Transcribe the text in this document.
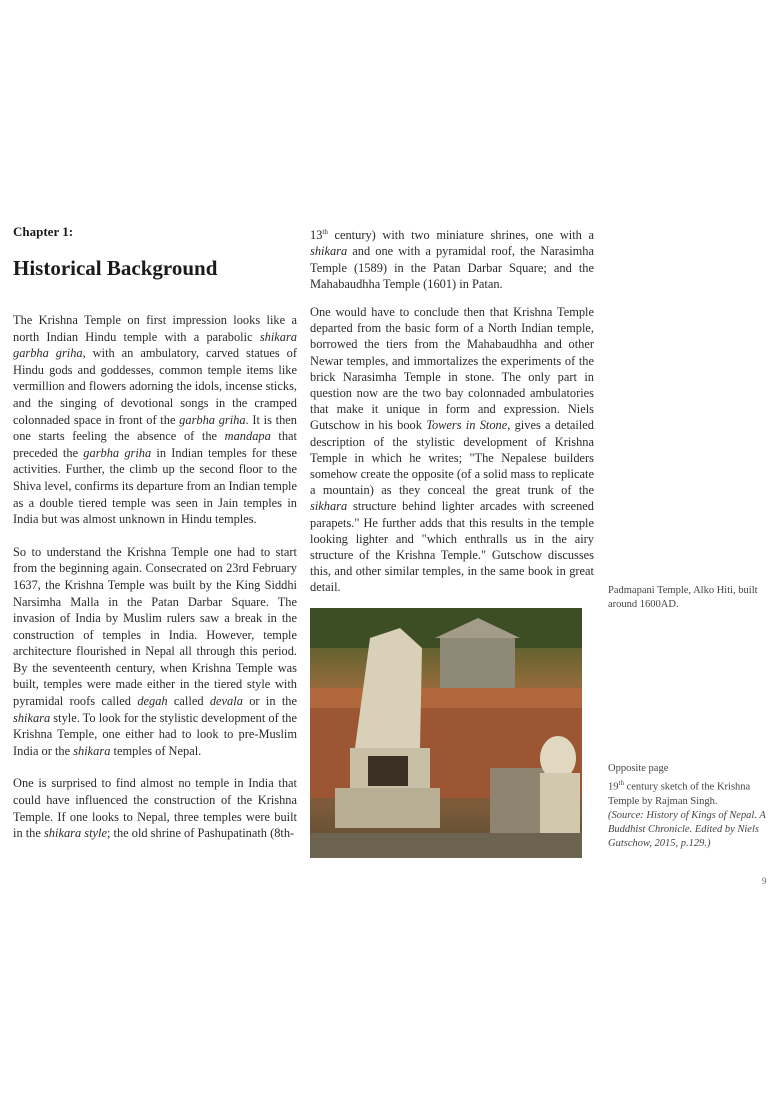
Chapter 1:
Historical Background

The Krishna Temple on first impression looks like a north Indian Hindu temple with a parabolic shikara garbha griha, with an ambulatory, carved statues of Hindu gods and goddesses, common temple items like vermillion and flowers adorning the idols, incense sticks, and the singing of devotional songs in the cramped colonnaded space in front of the garbha griha. It is then one starts feeling the absence of the mandapa that preceded the garbha griha in Indian temples for these activities. Further, the climb up the second floor to the Shiva level, confirms its departure from an Indian temple as a double tiered temple was seen in Jain temples in India but was almost unknown in Hindu temples.

So to understand the Krishna Temple one had to start from the beginning again. Consecrated on 23rd February 1637, the Krishna Temple was built by the King Siddhi Narsimha Malla in the Patan Darbar Square. The invasion of India by Muslim rulers saw a break in the construction of temples in India. However, temple architecture flourished in Nepal all through this period. By the seventeenth century, when Krishna Temple was built, temples were made either in the tiered style with pyramidal roofs called degah called devala or in the shikara style. To look for the stylistic development of the Krishna Temple, one either had to look to pre-Muslim India or the shikara temples of Nepal.

One is surprised to find almost no temple in India that could have influenced the construction of the Krishna Temple. If one looks to Nepal, three temples were built in the shikara style; the old shrine of Pashupatinath (8th-

13th century) with two miniature shrines, one with a shikara and one with a pyramidal roof, the Narasimha Temple (1589) in the Patan Darbar Square; and the Mahabaudhha Temple (1601) in Patan.

One would have to conclude then that Krishna Temple departed from the basic form of a North Indian temple, borrowed the tiers from the Mahabaudhha and other Newar temples, and immortalizes the experiments of the brick Narasimha Temple in stone. The only part in question now are the two bay colonnaded ambulatories that make it unique in form and expression. Niels Gutschow in his book Towers in Stone, gives a detailed description of the stylistic development of Krishna Temple in which he writes; "The Nepalese builders somehow create the opposite (of a solid mass to replicate a mountain) as they conceal the great trunk of the sikhara structure behind lighter arcades with screened parapets." He further adds that this results in the temple looking lighter and "which enthralls us in the airy structure of the Krishna Temple." Gutschow discusses this, and other similar temples, in the same book in great detail.	Padmapani Temple, Alko Hiti, built around 1600AD.
Opposite page
19th century sketch of the Krishna Temple by Rajman Singh.
(Source: History of Kings of Nepal. A Buddhist Chronicle. Edited by Niels Gutschow, 2015, p.129.)
9
